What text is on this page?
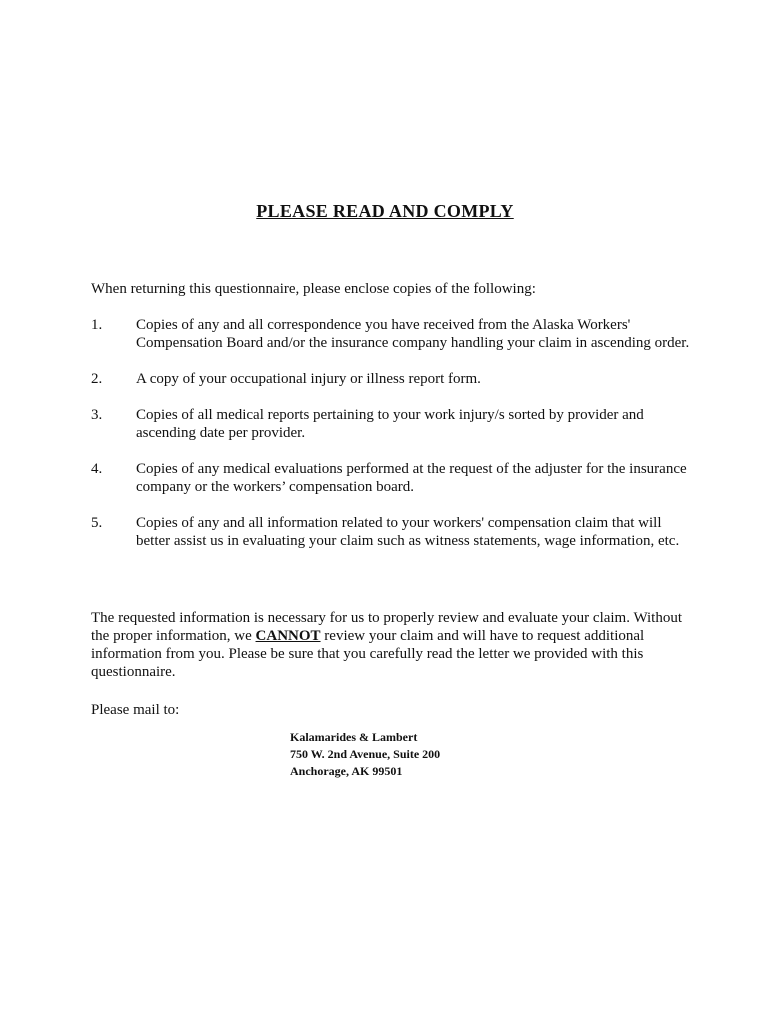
PLEASE READ AND COMPLY
When returning this questionnaire, please enclose copies of the following:
1.	Copies of any and all correspondence you have received from the Alaska Workers' Compensation Board and/or the insurance company handling your claim in ascending order.
2.	A copy of your occupational injury or illness report form.
3.	Copies of all medical reports pertaining to your work injury/s sorted by provider and ascending date per provider.
4.	Copies of any medical evaluations performed at the request of the adjuster for the insurance company or the workers’ compensation board.
5.	Copies of any and all information related to your workers' compensation claim that will better assist us in evaluating your claim such as witness statements, wage information, etc.
The requested information is necessary for us to properly review and evaluate your claim. Without the proper information, we CANNOT review your claim and will have to request additional information from you. Please be sure that you carefully read the letter we provided with this questionnaire.
Please mail to:
Kalamarides & Lambert
750 W. 2nd Avenue, Suite 200
Anchorage, AK 99501
